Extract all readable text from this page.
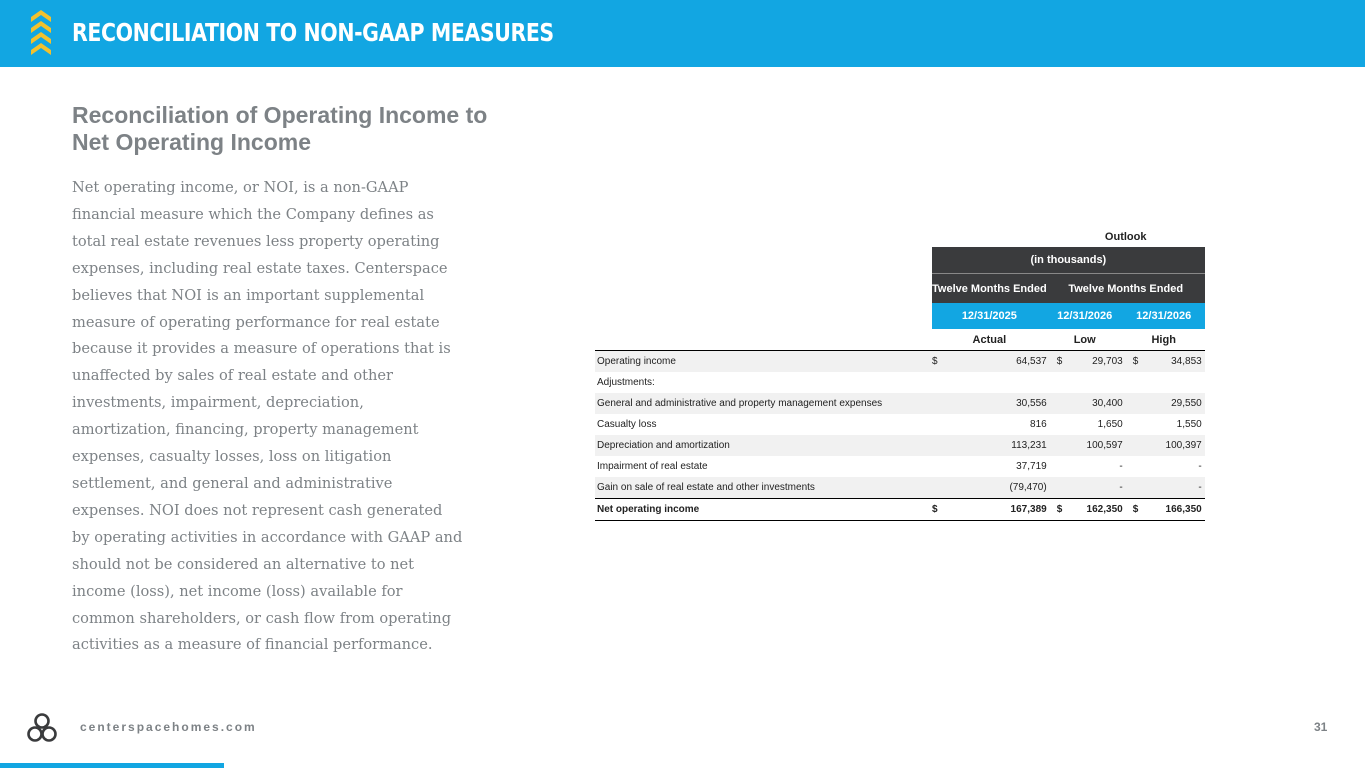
RECONCILIATION TO NON-GAAP MEASURES
Reconciliation of Operating Income to Net Operating Income
Net operating income, or NOI, is a non-GAAP financial measure which the Company defines as total real estate revenues less property operating expenses, including real estate taxes. Centerspace believes that NOI is an important supplemental measure of operating performance for real estate because it provides a measure of operations that is unaffected by sales of real estate and other investments, impairment, depreciation, amortization, financing, property management expenses, casualty losses, loss on litigation settlement, and general and administrative expenses. NOI does not represent cash generated by operating activities in accordance with GAAP and should not be considered an alternative to net income (loss), net income (loss) available for common shareholders, or cash flow from operating activities as a measure of financial performance.
			Outlook			
	(in thousands)					
	Twelve Months Ended		Twelve Months Ended			
	12/31/2025		12/31/2026		12/31/2026	
	Actual		Low		High	
Operating income	$	64,537	$	29,703	$	34,853
Adjustments:						
General and administrative and property management expenses		30,556		30,400		29,550
Casualty loss		816		1,650		1,550
Depreciation and amortization		113,231		100,597		100,397
Impairment of real estate		37,719		-		-
Gain on sale of real estate and other investments		(79,470)		-		-
Net operating income	$	167,389	$	162,350	$	166,350
centerspacehomes.com	31
